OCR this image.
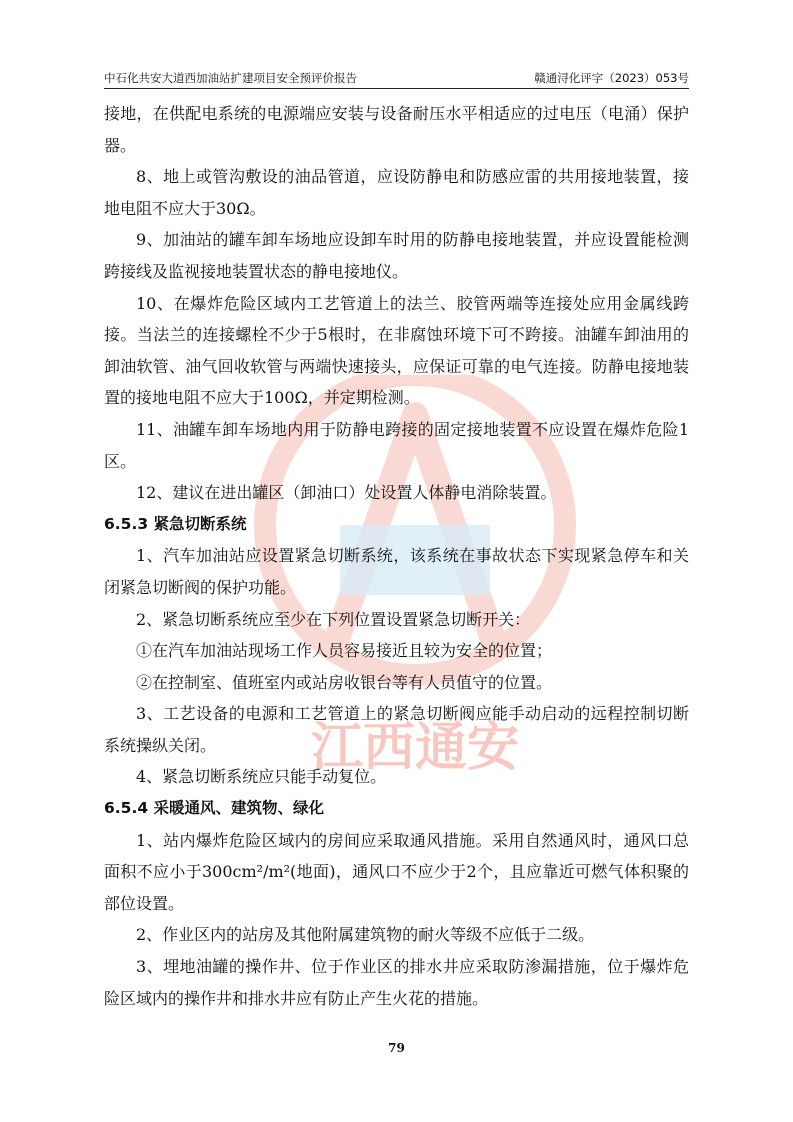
中石化共安大道西加油站扩建项目安全预评价报告	赣通浔化评字（2023）053号
江西通安

接地，在供配电系统的电源端应安装与设备耐压水平相适应的过电压（电涌）保护器。

8、地上或管沟敷设的油品管道，应设防静电和防感应雷的共用接地装置，接地电阻不应大于30Ω。

9、加油站的罐车卸车场地应设卸车时用的防静电接地装置，并应设置能检测跨接线及监视接地装置状态的静电接地仪。

10、在爆炸危险区域内工艺管道上的法兰、胶管两端等连接处应用金属线跨接。当法兰的连接螺栓不少于5根时，在非腐蚀环境下可不跨接。油罐车卸油用的卸油软管、油气回收软管与两端快速接头，应保证可靠的电气连接。防静电接地装置的接地电阻不应大于100Ω，并定期检测。

11、油罐车卸车场地内用于防静电跨接的固定接地装置不应设置在爆炸危险1区。

12、建议在进出罐区（卸油口）处设置人体静电消除装置。

6.5.3 紧急切断系统

1、汽车加油站应设置紧急切断系统，该系统在事故状态下实现紧急停车和关闭紧急切断阀的保护功能。

2、紧急切断系统应至少在下列位置设置紧急切断开关：

①在汽车加油站现场工作人员容易接近且较为安全的位置；

②在控制室、值班室内或站房收银台等有人员值守的位置。

3、工艺设备的电源和工艺管道上的紧急切断阀应能手动启动的远程控制切断系统操纵关闭。

4、紧急切断系统应只能手动复位。

6.5.4 采暖通风、建筑物、绿化

1、站内爆炸危险区域内的房间应采取通风措施。采用自然通风时，通风口总面积不应小于300cm²/m²(地面)，通风口不应少于2个，且应靠近可燃气体积聚的部位设置。

2、作业区内的站房及其他附属建筑物的耐火等级不应低于二级。

3、埋地油罐的操作井、位于作业区的排水井应采取防渗漏措施，位于爆炸危险区域内的操作井和排水井应有防止产生火花的措施。

79
